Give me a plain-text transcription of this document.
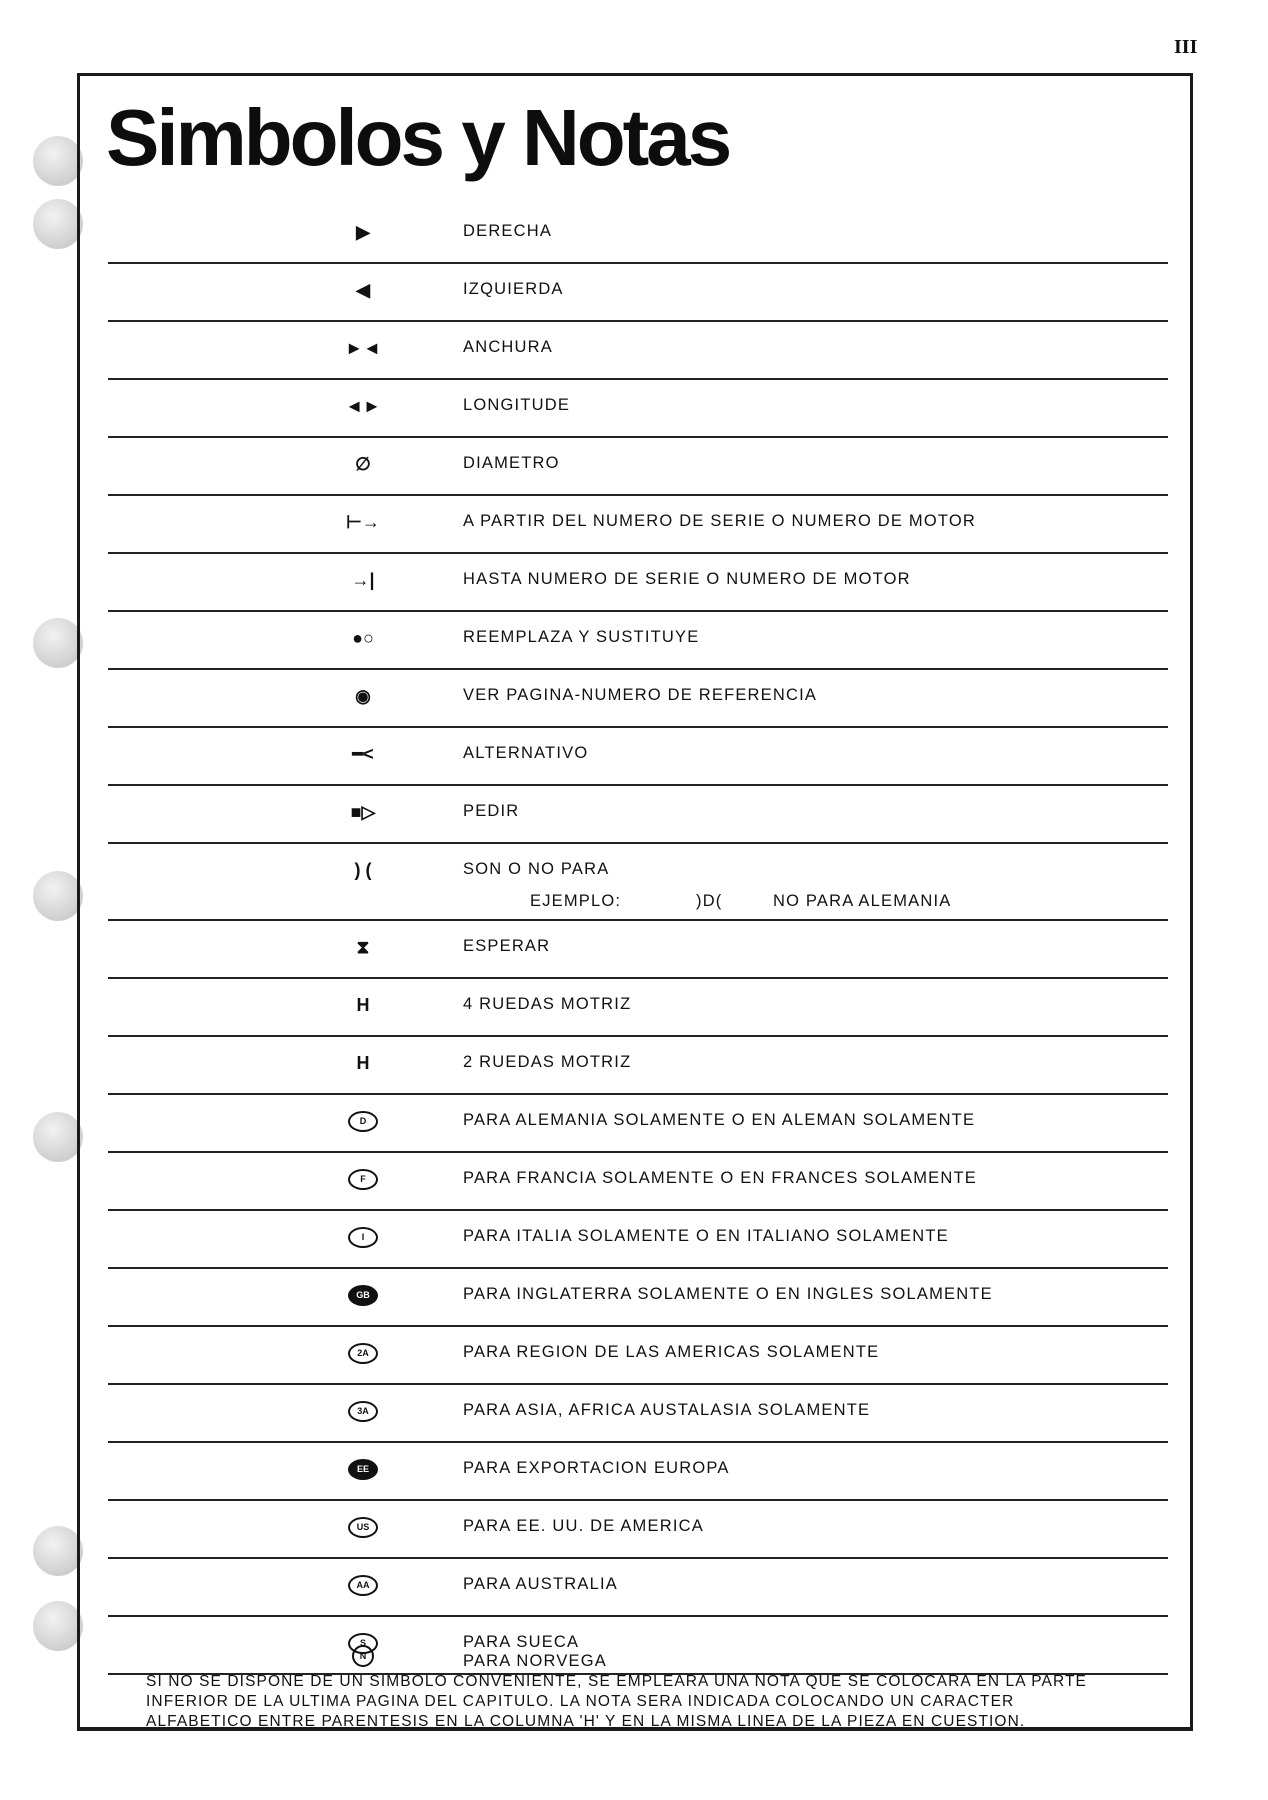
III
Simbolos y Notas
▶	DERECHA
◀	IZQUIERDA
►◄	ANCHURA
◄►	LONGITUDE
∅	DIAMETRO
⊢→	A PARTIR DEL NUMERO DE SERIE O NUMERO DE MOTOR
→|	HASTA NUMERO DE SERIE O NUMERO DE MOTOR
●○	REEMPLAZA Y SUSTITUYE
◉	VER PAGINA-NUMERO DE REFERENCIA
━<	ALTERNATIVO
■▷	PEDIR
) (	SON O NO PARA
EJEMPLO:	)D(	NO PARA ALEMANIA
⧗	ESPERAR
H	4 RUEDAS MOTRIZ
H	2 RUEDAS MOTRIZ
D	PARA ALEMANIA SOLAMENTE O EN ALEMAN SOLAMENTE
F	PARA FRANCIA SOLAMENTE O EN FRANCES SOLAMENTE
I	PARA ITALIA SOLAMENTE O EN ITALIANO SOLAMENTE
GB	PARA INGLATERRA SOLAMENTE O EN INGLES SOLAMENTE
2A	PARA REGION DE LAS AMERICAS SOLAMENTE
3A	PARA ASIA, AFRICA AUSTALASIA SOLAMENTE
EE	PARA EXPORTACION EUROPA
US	PARA EE. UU. DE AMERICA
AA	PARA AUSTRALIA
S	PARA SUECA
N	PARA NORVEGA
SI NO SE DISPONE DE UN SIMBOLO CONVENIENTE, SE EMPLEARA UNA NOTA QUE SE COLOCARA EN LA PARTE
INFERIOR DE LA ULTIMA PAGINA DEL CAPITULO. LA NOTA SERA INDICADA COLOCANDO UN CARACTER
ALFABETICO ENTRE PARENTESIS EN LA COLUMNA 'H' Y EN LA MISMA LINEA DE LA PIEZA EN CUESTION.
